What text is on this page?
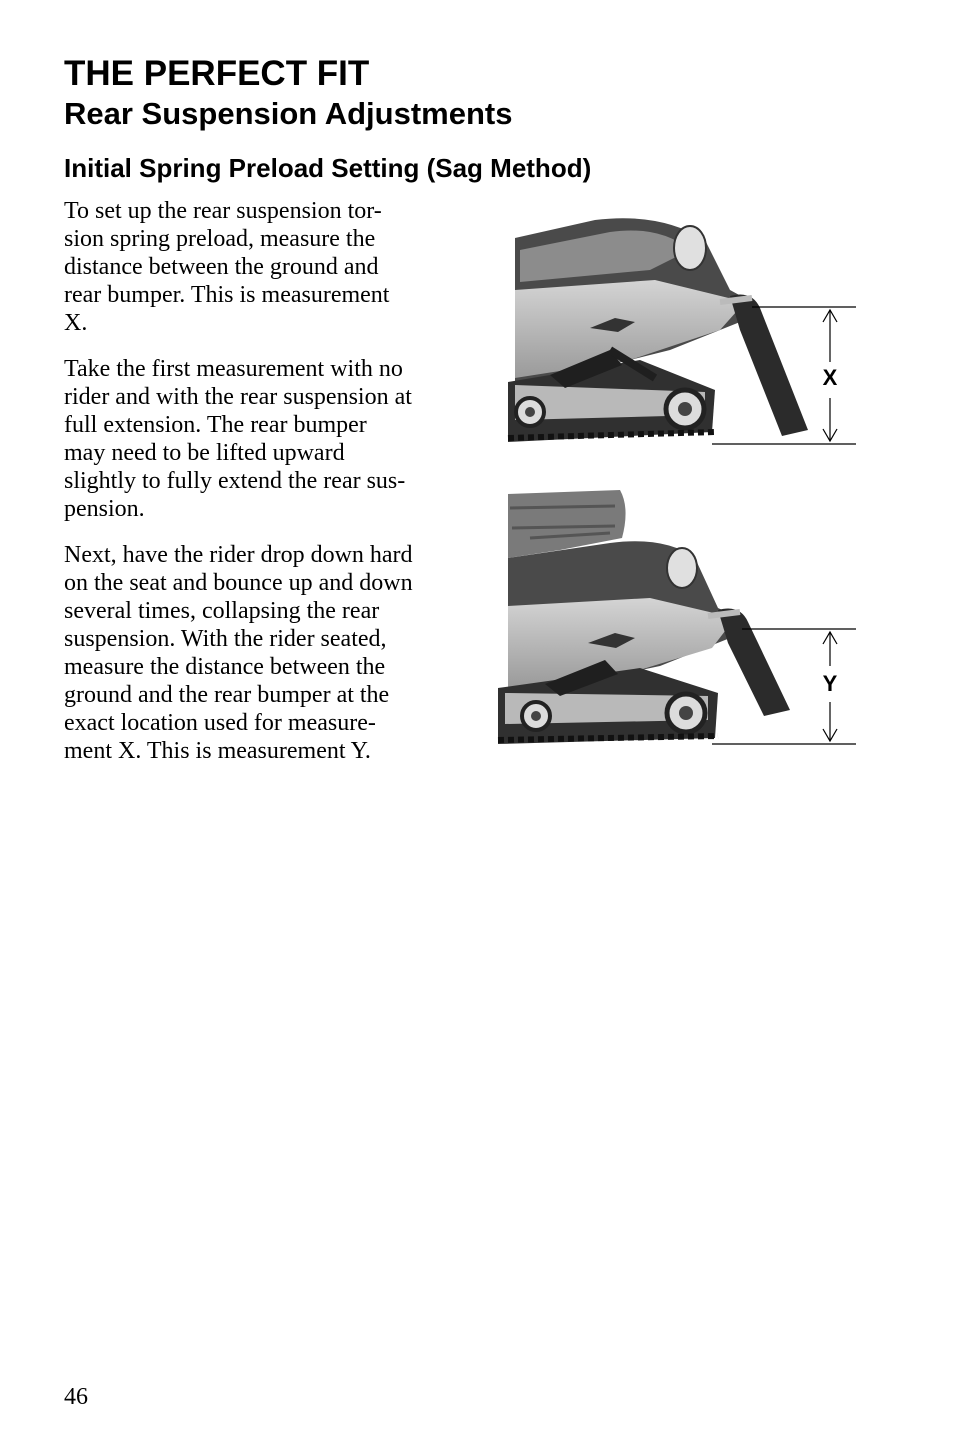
THE PERFECT FIT
Rear Suspension Adjustments
Initial Spring Preload Setting (Sag Method)

To set up the rear suspension tor-
sion spring preload, measure the
distance between the ground and
rear bumper. This is measurement
X.

Take the first measurement with no
rider and with the rear suspension at
full extension. The rear bumper
may need to be lifted upward
slightly to fully extend the rear sus-
pension.

Next, have the rider drop down hard
on the seat and bounce up and down
several times, collapsing the rear
suspension. With the rider seated,
measure the distance between the
ground and the rear bumper at the
exact location used for measure-
ment X. This is measurement Y.

X
Y

46
